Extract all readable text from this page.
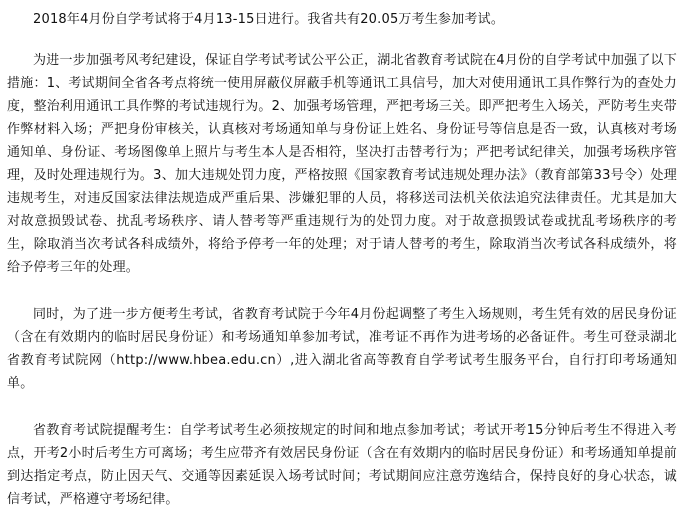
2018年4月份自学考试将于4月13-15日进行。我省共有20.05万考生参加考试。

为进一步加强考风考纪建设，保证自学考试考试公平公正，湖北省教育考试院在4月份的自学考试中加强了以下措施：1、考试期间全省各考点将统一使用屏蔽仪屏蔽手机等通讯工具信号，加大对使用通讯工具作弊行为的查处力度，整治利用通讯工具作弊的考试违规行为。2、加强考场管理，严把考场三关。即严把考生入场关，严防考生夹带作弊材料入场；严把身份审核关，认真核对考场通知单与身份证上姓名、身份证号等信息是否一致，认真核对考场通知单、身份证、考场图像单上照片与考生本人是否相符，坚决打击替考行为；严把考试纪律关，加强考场秩序管理，及时处理违规行为。3、加大违规处罚力度，严格按照《国家教育考试违规处理办法》（教育部第33号令）处理违规考生，对违反国家法律法规造成严重后果、涉嫌犯罪的人员，将移送司法机关依法追究法律责任。尤其是加大对故意损毁试卷、扰乱考场秩序、请人替考等严重违规行为的处罚力度。对于故意损毁试卷或扰乱考场秩序的考生，除取消当次考试各科成绩外，将给予停考一年的处理；对于请人替考的考生，除取消当次考试各科成绩外，将给予停考三年的处理。

同时，为了进一步方便考生考试，省教育考试院于今年4月份起调整了考生入场规则，考生凭有效的居民身份证（含在有效期内的临时居民身份证）和考场通知单参加考试，准考证不再作为进考场的必备证件。考生可登录湖北省教育考试院网（http://www.hbea.edu.cn）,进入湖北省高等教育自学考试考生服务平台，自行打印考场通知单。

省教育考试院提醒考生：自学考试考生必须按规定的时间和地点参加考试；考试开考15分钟后考生不得进入考点，开考2小时后考生方可离场；考生应带齐有效居民身份证（含在有效期内的临时居民身份证）和考场通知单提前到达指定考点，防止因天气、交通等因素延误入场考试时间；考试期间应注意劳逸结合，保持良好的身心状态，诚信考试，严格遵守考场纪律。
